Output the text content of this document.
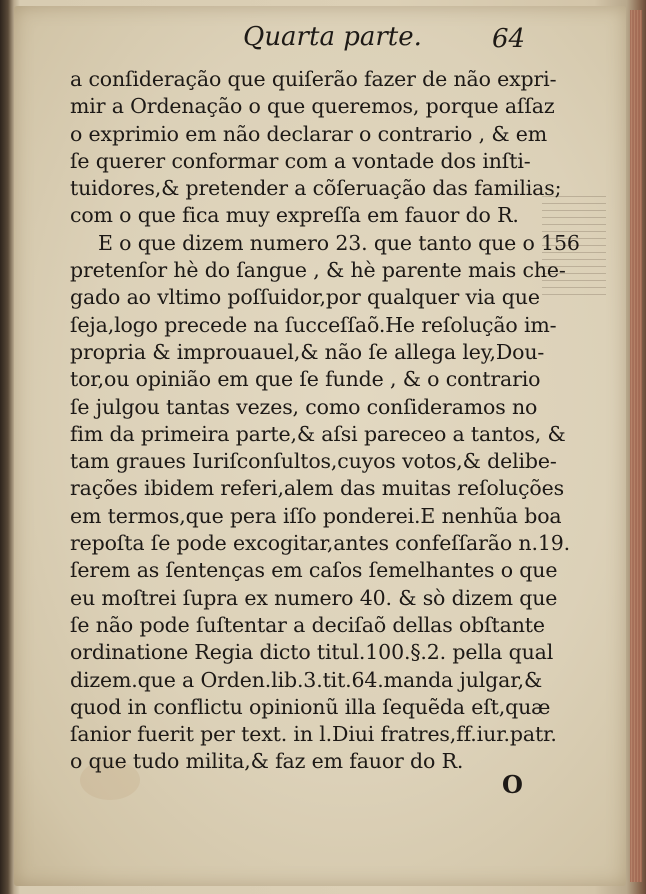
Quarta parte.	64
a conſideração que quiſerão fazer de não expri-
mir a Ordenação o que queremos, porque aſſaz
o exprimio em não declarar o contrario , & em
ſe querer conformar com a vontade dos inſti-
tuidores,& pretender a cõſeruação das familias;
com o que fica muy expreſſa em fauor do R.
E o que dizem numero 23. que tanto que o 156
pretenſor hè do ſangue , & hè parente mais che-
gado ao vltimo poſſuidor,por qualquer via que
ſeja,logo precede na ſucceſſaõ.He reſolução im-
propria & improuauel,& não ſe allega ley,Dou-
tor,ou opinião em que ſe funde , & o contrario
ſe julgou tantas vezes, como conſideramos no
fim da primeira parte,& aſsi pareceo a tantos, &
tam graues Iuriſconſultos,cuyos votos,& delibe-
rações ibidem referi,alem das muitas reſoluções
em termos,que pera iſſo ponderei.E nenhũa boa
repoſta ſe pode excogitar,antes confeſſarão n.19.
ſerem as ſentenças em caſos ſemelhantes o que
eu moſtrei ſupra ex numero 40. & sò dizem que
ſe não pode ſuſtentar a deciſaõ dellas obſtante
ordinatione Regia dicto titul.100.§.2. pella qual
dizem.que a Orden.lib.3.tit.64.manda julgar,&
quod in conflictu opinionũ illa ſequẽda eſt,quæ
ſanior fuerit per text. in l.Diui fratres,ff.iur.patr.
o que tudo milita,& faz em fauor do R.
O
